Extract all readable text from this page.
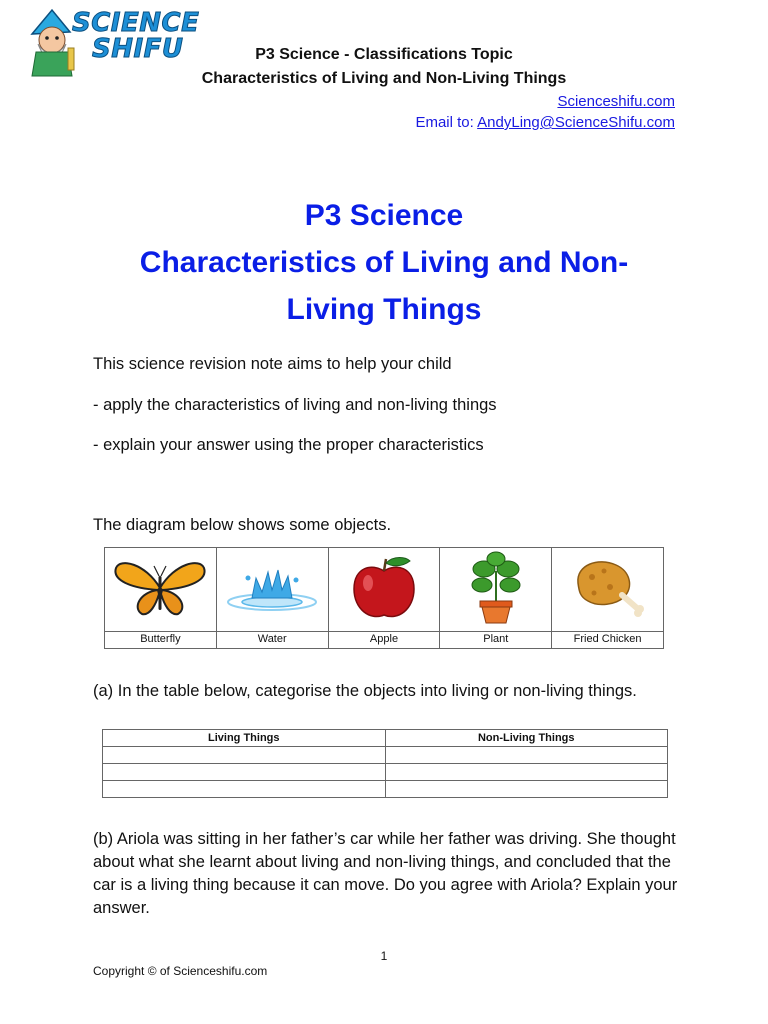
SCIENCE
SHIFU	P3 Science - Classifications Topic
Characteristics of Living and Non-Living Things
Scienceshifu.com
Email to: AndyLing@ScienceShifu.com
P3 Science
Characteristics of Living and Non-
Living Things
This science revision note aims to help your child
- apply the characteristics of living and non-living things
- explain your answer using the proper characteristics
The diagram below shows some objects.

Butterfly	Water	Apple	Plant	Fried Chicken
(a) In the table below, categorise the objects into living or non-living things.
Living Things	Non-Living Things

(b) Ariola was sitting in her father’s car while her father was driving. She thought about what she learnt about living and non-living things, and concluded that the car is a living thing because it can move. Do you agree with Ariola? Explain your answer.
1
Copyright © of Scienceshifu.com
